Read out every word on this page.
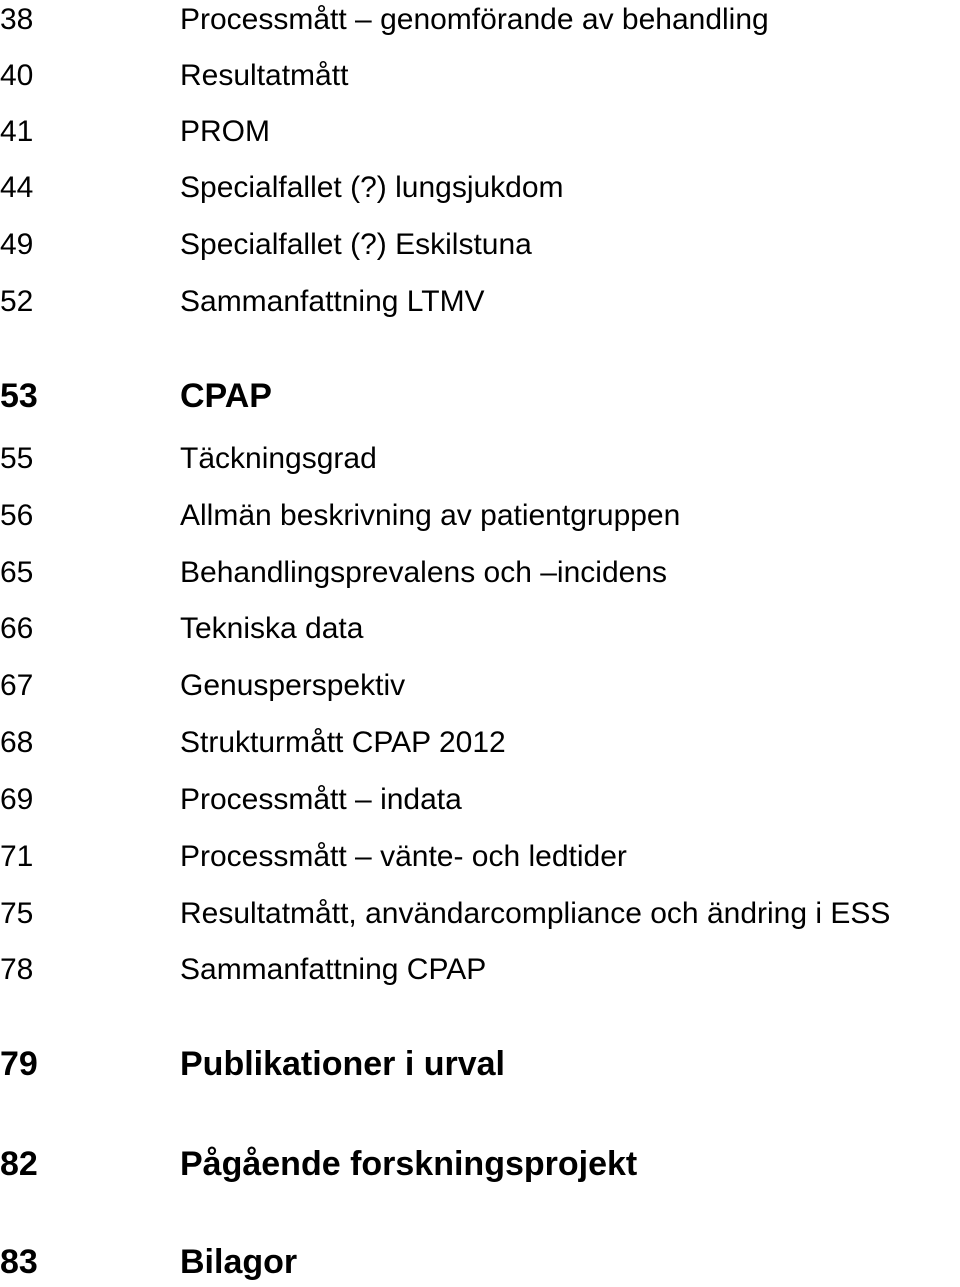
38	Processmått – genomförande av behandling
40	Resultatmått
41	PROM
44	Specialfallet (?) lungsjukdom
49	Specialfallet (?) Eskilstuna
52	Sammanfattning LTMV
53	CPAP
55	Täckningsgrad
56	Allmän beskrivning av patientgruppen
65	Behandlingsprevalens och –incidens
66	Tekniska data
67	Genusperspektiv
68	Strukturmått CPAP 2012
69	Processmått – indata
71	Processmått – vänte- och ledtider
75	Resultatmått, användarcompliance och ändring i ESS
78	Sammanfattning CPAP
79	Publikationer i urval
82	Pågående forskningsprojekt
83	Bilagor
